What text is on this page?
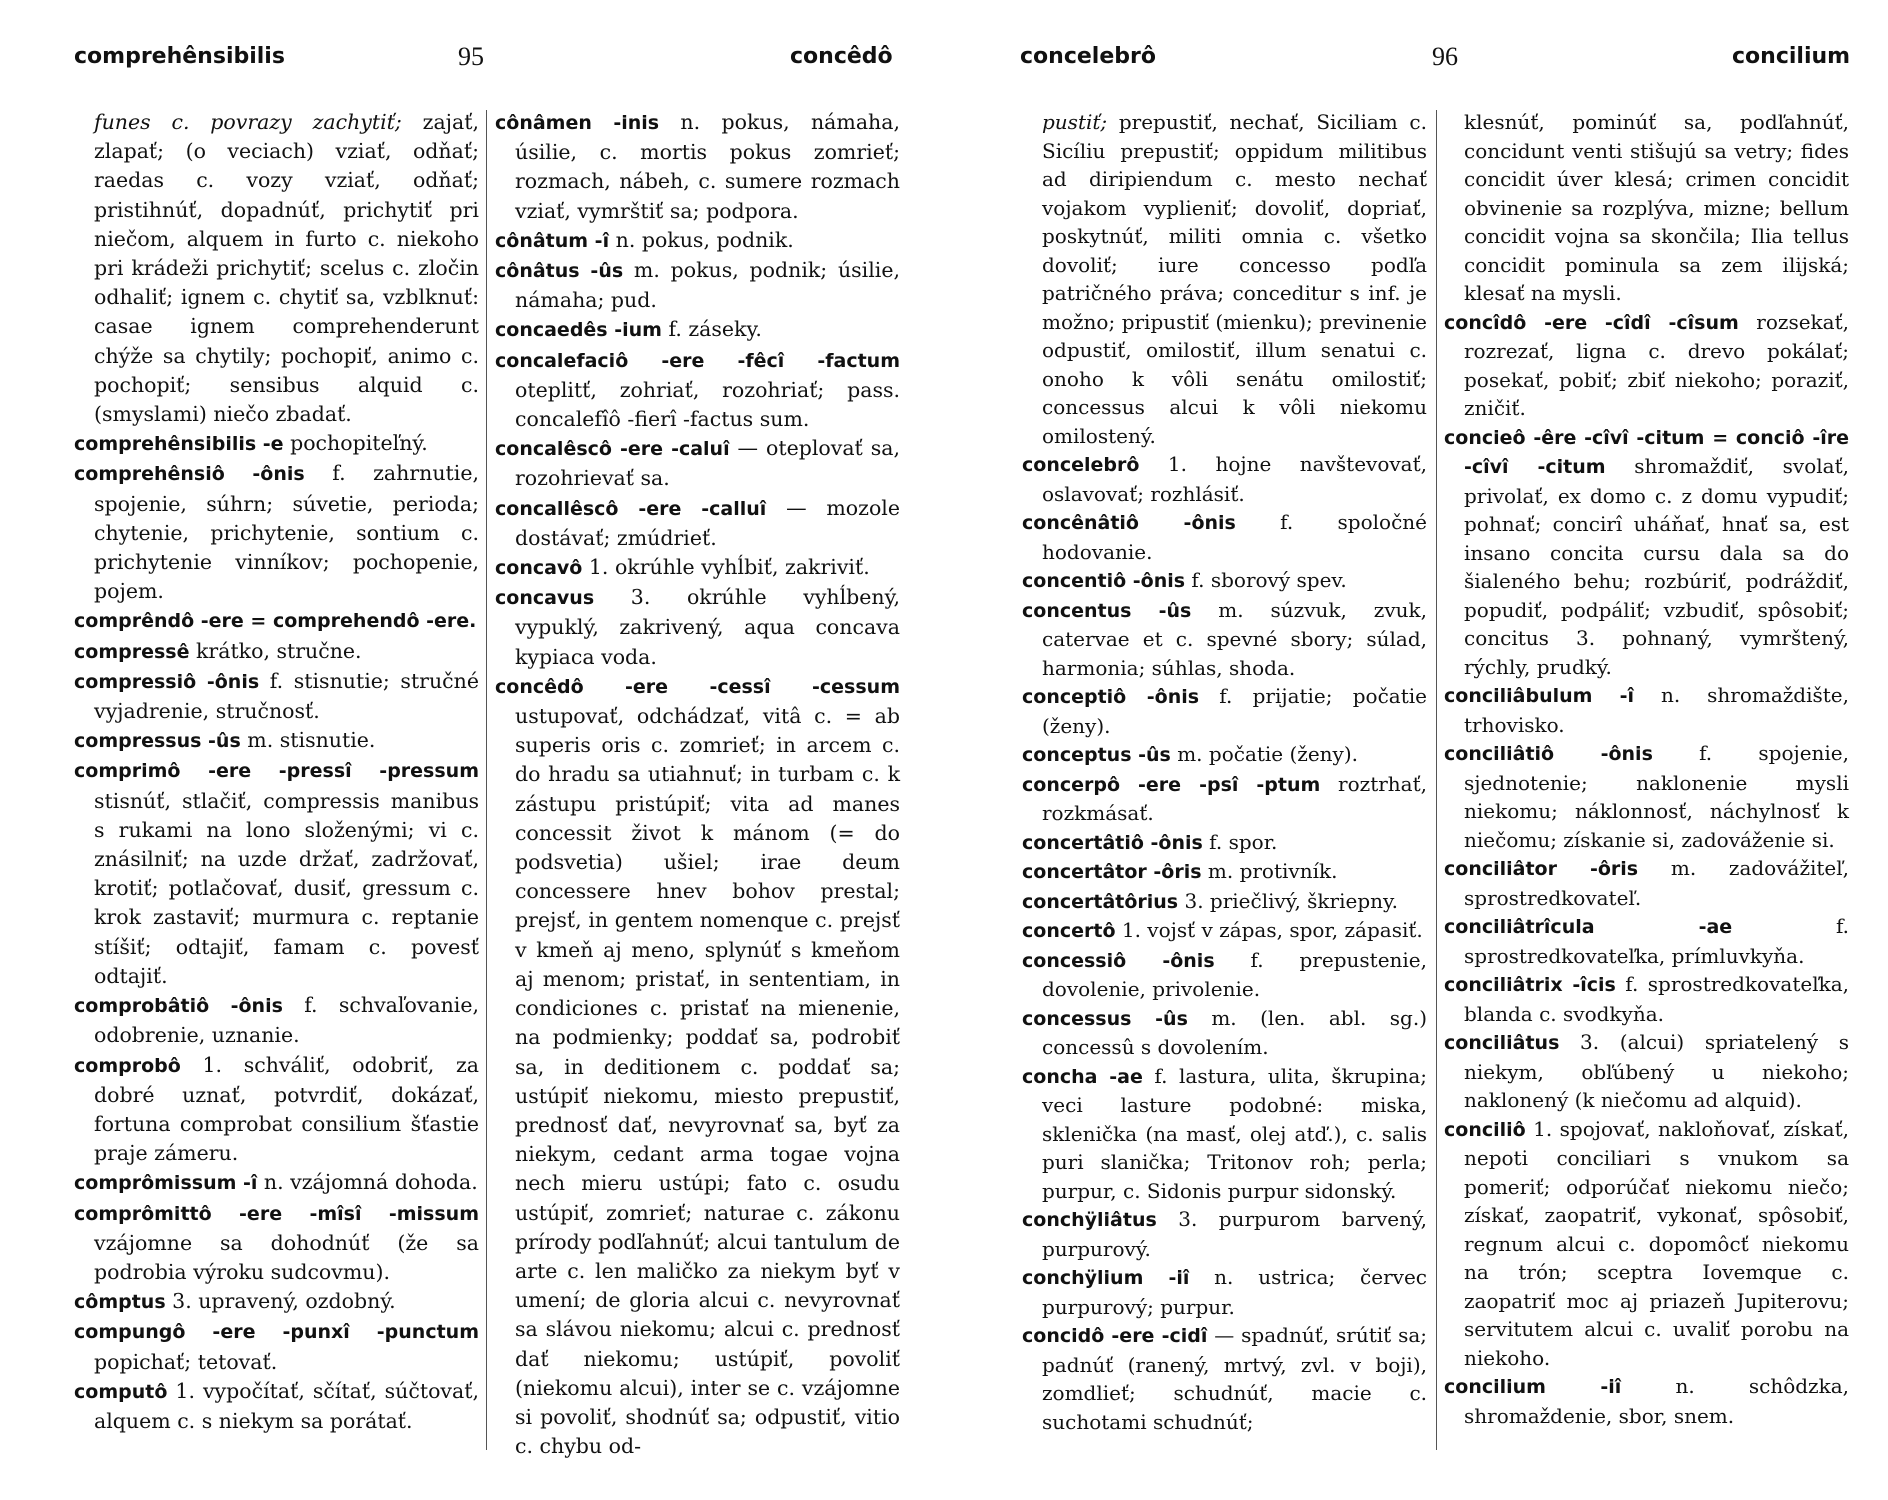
comprehênsibilis	95	concêdô

funes c. povrazy zachytiť; zajať, zlapať; (o veciach) vziať, odňať; raedas c. vozy vziať, odňať; pristihnúť, dopadnúť, prichytiť pri niečom, alquem in furto c. niekoho pri krádeži prichytiť; scelus c. zločin odhaliť; ignem c. chytiť sa, vzblknuť: casae ignem comprehenderunt chýže sa chytily; pochopiť, animo c. pochopiť; sensibus alquid c. (smyslami) niečo zbadať.

comprehênsibilis -e pochopiteľný.

comprehênsiô -ônis f. zahrnutie, spojenie, súhrn; súvetie, perioda; chytenie, prichytenie, sontium c. prichytenie vinníkov; pochopenie, pojem.

comprêndô -ere = comprehendô -ere.

compressê krátko, stručne.

compressiô -ônis f. stisnutie; stručné vyjadrenie, stručnosť.

compressus -ûs m. stisnutie.

comprimô -ere -pressî -pressum stisnúť, stlačiť, compressis manibus s rukami na lono složenými; vi c. znásilniť; na uzde držať, zadržovať, krotiť; potlačovať, dusiť, gressum c. krok zastaviť; murmura c. reptanie stíšiť; odtajiť, famam c. povesť odtajiť.

comprobâtiô -ônis f. schvaľovanie, odobrenie, uznanie.

comprobô 1. schváliť, odobriť, za dobré uznať, potvrdiť, dokázať, fortuna comprobat consilium šťastie praje zámeru.

comprômissum -î n. vzájomná dohoda.

comprômittô -ere -mîsî -missum vzájomne sa dohodnúť (že sa podrobia výroku sudcovmu).

cômptus 3. upravený, ozdobný.

compungô -ere -punxî -punctum popichať; tetovať.

computô 1. vypočítať, sčítať, súčtovať, alquem c. s niekym sa porátať.

cônâmen -inis n. pokus, námaha, úsilie, c. mortis pokus zomrieť; rozmach, nábeh, c. sumere rozmach vziať, vymrštiť sa; podpora.

cônâtum -î n. pokus, podnik.

cônâtus -ûs m. pokus, podnik; úsilie, námaha; pud.

concaedês -ium f. záseky.

concalefaciô -ere -fêcî -factum oteplitť, zohriať, rozohriať; pass. concalefîô -fierî -factus sum.

concalêscô -ere -caluî — oteplovať sa, rozohrievať sa.

concallêscô -ere -calluî — mozole dostávať; zmúdrieť.

concavô 1. okrúhle vyhĺbiť, zakriviť.

concavus 3. okrúhle vyhĺbený, vypuklý, zakrivený, aqua concava kypiaca voda.

concêdô -ere -cessî -cessum ustupovať, odchádzať, vitâ c. = ab superis oris c. zomrieť; in arcem c. do hradu sa utiahnuť; in turbam c. k zástupu pristúpiť; vita ad manes concessit život k mánom (= do podsvetia) ušiel; irae deum concessere hnev bohov prestal; prejsť, in gentem nomenque c. prejsť v kmeň aj meno, splynúť s kmeňom aj menom; pristať, in sententiam, in condiciones c. pristať na mienenie, na podmienky; poddať sa, podrobiť sa, in deditionem c. poddať sa; ustúpiť niekomu, miesto prepustiť, prednosť dať, nevyrovnať sa, byť za niekym, cedant arma togae vojna nech mieru ustúpi; fato c. osudu ustúpiť, zomrieť; naturae c. zákonu prírody podľahnúť; alcui tantulum de arte c. len maličko za niekym byť v umení; de gloria alcui c. nevyrovnať sa slávou niekomu; alcui c. prednosť dať niekomu; ustúpiť, povoliť (niekomu alcui), inter se c. vzájomne si povoliť, shodnúť sa; odpustiť, vitio c. chybu od-

concelebrô	96	concilium

pustiť; prepustiť, nechať, Siciliam c. Sicíliu prepustiť; oppidum militibus ad diripiendum c. mesto nechať vojakom vyplieniť; dovoliť, dopriať, poskytnúť, militi omnia c. všetko dovoliť; iure concesso podľa patričného práva; conceditur s inf. je možno; pripustiť (mienku); previnenie odpustiť, omilostiť, illum senatui c. onoho k vôli senátu omilostiť; concessus alcui k vôli niekomu omilostený.

concelebrô 1. hojne navštevovať, oslavovať; rozhlásiť.

concênâtiô -ônis f. spoločné hodovanie.

concentiô -ônis f. sborový spev.

concentus -ûs m. súzvuk, zvuk, catervae et c. spevné sbory; súlad, harmonia; súhlas, shoda.

conceptiô -ônis f. prijatie; počatie (ženy).

conceptus -ûs m. počatie (ženy).

concerpô -ere -psî -ptum roztrhať, rozkmásať.

concertâtiô -ônis f. spor.

concertâtor -ôris m. protivník.

concertâtôrius 3. priečlivý, škriepny.

concertô 1. vojsť v zápas, spor, zápasiť.

concessiô -ônis f. prepustenie, dovolenie, privolenie.

concessus -ûs m. (len. abl. sg.) concessû s dovolením.

concha -ae f. lastura, ulita, škrupina; veci lasture podobné: miska, sklenička (na masť, olej atď.), c. salis puri slanička; Tritonov roh; perla; purpur, c. Sidonis purpur sidonský.

conchÿliâtus 3. purpurom barvený, purpurový.

conchÿlium -iî n. ustrica; červec purpurový; purpur.

concidô -ere -cidî — spadnúť, srútiť sa; padnúť (ranený, mrtvý, zvl. v boji), zomdlieť; schudnúť, macie c. suchotami schudnúť;

klesnúť, pominúť sa, podľahnúť, concidunt venti stišujú sa vetry; fides concidit úver klesá; crimen concidit obvinenie sa rozplýva, mizne; bellum concidit vojna sa skončila; Ilia tellus concidit pominula sa zem ilijská; klesať na mysli.

concîdô -ere -cîdî -cîsum rozsekať, rozrezať, ligna c. drevo pokálať; posekať, pobiť; zbiť niekoho; poraziť, zničiť.

concieô -êre -cîvî -citum = conciô -îre -cîvî -citum shromaždiť, svolať, privolať, ex domo c. z domu vypudiť; pohnať; concirî uháňať, hnať sa, est insano concita cursu dala sa do šialeného behu; rozbúriť, podráždiť, popudiť, podpáliť; vzbudiť, spôsobiť; concitus 3. pohnaný, vymrštený, rýchly, prudký.

conciliâbulum -î n. shromaždište, trhovisko.

conciliâtiô -ônis f. spojenie, sjednotenie; naklonenie mysli niekomu; náklonnosť, náchylnosť k niečomu; získanie si, zadováženie si.

conciliâtor -ôris m. zadovážiteľ, sprostredkovateľ.

conciliâtrîcula -ae f. sprostredkovateľka, prímluvkyňa.

conciliâtrix -îcis f. sprostredkovateľka, blanda c. svodkyňa.

conciliâtus 3. (alcui) spriatelený s niekym, obľúbený u niekoho; naklonený (k niečomu ad alquid).

conciliô 1. spojovať, nakloňovať, získať, nepoti conciliari s vnukom sa pomeriť; odporúčať niekomu niečo; získať, zaopatriť, vykonať, spôsobiť, regnum alcui c. dopomôcť niekomu na trón; sceptra Iovemque c. zaopatriť moc aj priazeň Jupiterovu; servitutem alcui c. uvaliť porobu na niekoho.

concilium -iî n. schôdzka, shromaždenie, sbor, snem.
